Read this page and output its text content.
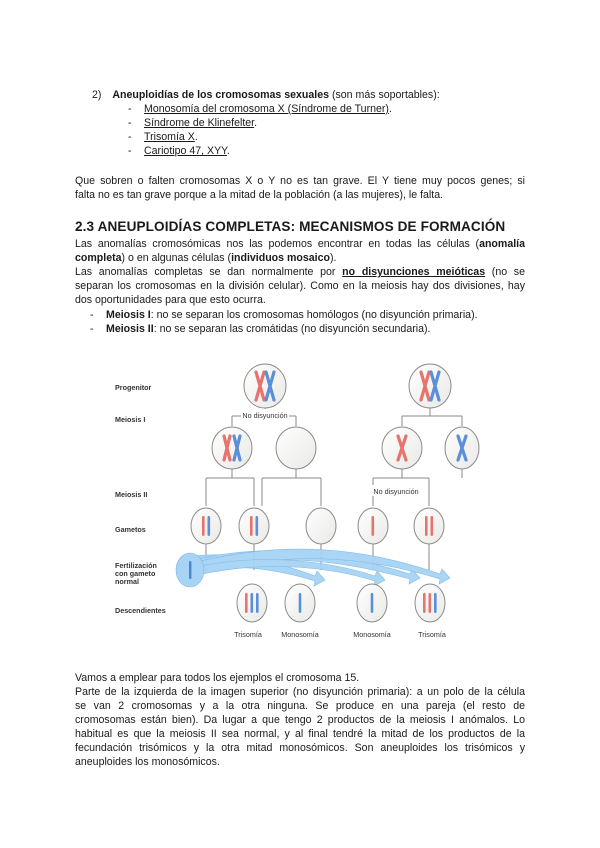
2) Aneuploidías de los cromosomas sexuales (son más soportables):
- Monosomía del cromosoma X (Síndrome de Turner).
- Síndrome de Klinefelter.
- Trisomía X.
- Cariotipo 47, XYY.
Que sobren o falten cromosomas X o Y no es tan grave. El Y tiene muy pocos genes; si
falta no es tan grave porque a la mitad de la población (a las mujeres), le falta.
2.3 ANEUPLOIDÍAS COMPLETAS: MECANISMOS DE FORMACIÓN
Las anomalías cromosómicas nos las podemos encontrar en todas las células (anomalía
completa) o en algunas células (individuos mosaico).
Las anomalías completas se dan normalmente por no disyunciones meióticas (no se
separan los cromosomas en la división celular). Como en la meiosis hay dos divisiones, hay
dos oportunidades para que esto ocurra.
- Meiosis I: no se separan los cromosomas homólogos (no disyunción primaria).
- Meiosis II: no se separan las cromátidas (no disyunción secundaria).
Progenitor
Meiosis I
Meiosis II
Gametos
Fertilización
con gameto
normal
Descendientes
No disyunción
No disyunción
Trisomía	Monosomía	Monosomía	Trisomía
Vamos a emplear para todos los ejemplos el cromosoma 15.
Parte de la izquierda de la imagen superior (no disyunción primaria): a un polo de la célula
se van 2 cromosomas y a la otra ninguna. Se produce en una pareja (el resto de
cromosomas están bien). Da lugar a que tengo 2 productos de la meiosis I anómalos. Lo
habitual es que la meiosis II sea normal, y al final tendré la mitad de los productos de la
fecundación trisómicos y la otra mitad monosómicos. Son aneuploides los trisómicos y
aneuploides los monosómicos.
